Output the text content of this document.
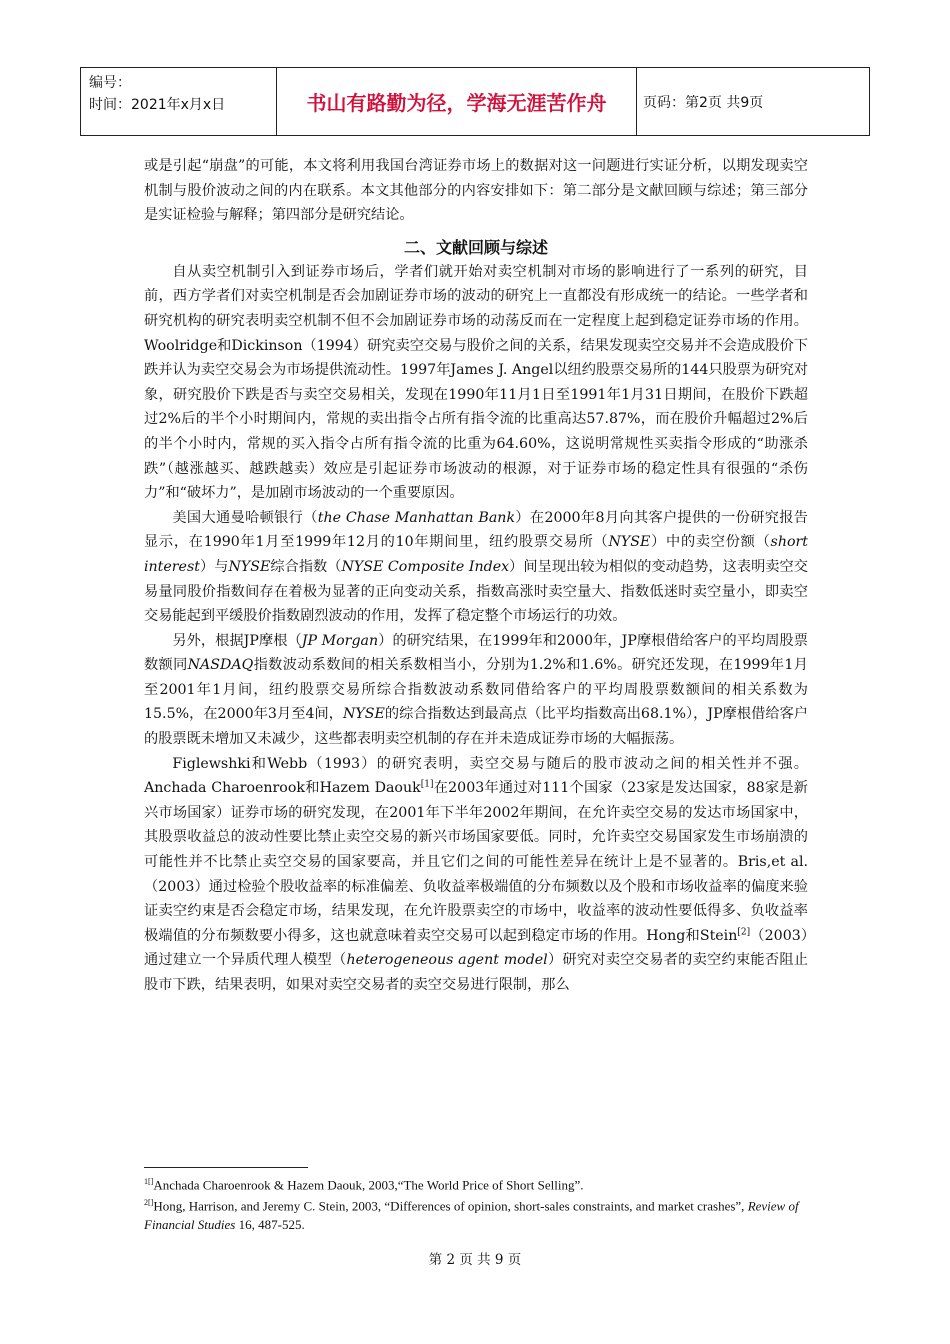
编号：
时间：2021年x月x日	书山有路勤为径，学海无涯苦作舟	页码：第2页 共9页

或是引起“崩盘”的可能，本文将利用我国台湾证券市场上的数据对这一问题进行实证分析，以期发现卖空机制与股价波动之间的内在联系。本文其他部分的内容安排如下：第二部分是文献回顾与综述；第三部分是实证检验与解释；第四部分是研究结论。

二、文献回顾与综述

自从卖空机制引入到证券市场后，学者们就开始对卖空机制对市场的影响进行了一系列的研究，目前，西方学者们对卖空机制是否会加剧证券市场的波动的研究上一直都没有形成统一的结论。一些学者和研究机构的研究表明卖空机制不但不会加剧证券市场的动荡反而在一定程度上起到稳定证券市场的作用。Woolridge和Dickinson（1994）研究卖空交易与股价之间的关系，结果发现卖空交易并不会造成股价下跌并认为卖空交易会为市场提供流动性。1997年James J. Angel以纽约股票交易所的144只股票为研究对象，研究股价下跌是否与卖空交易相关，发现在1990年11月1日至1991年1月31日期间，在股价下跌超过2%后的半个小时期间内，常规的卖出指令占所有指令流的比重高达57.87%，而在股价升幅超过2%后的半个小时内，常规的买入指令占所有指令流的比重为64.60%，这说明常规性买卖指令形成的“助涨杀跌”（越涨越买、越跌越卖）效应是引起证券市场波动的根源，对于证券市场的稳定性具有很强的“杀伤力”和“破坏力”，是加剧市场波动的一个重要原因。

美国大通曼哈顿银行（the Chase Manhattan Bank）在2000年8月向其客户提供的一份研究报告显示，在1990年1月至1999年12月的10年期间里，纽约股票交易所（NYSE）中的卖空份额（short interest）与NYSE综合指数（NYSE Composite Index）间呈现出较为相似的变动趋势，这表明卖空交易量同股价指数间存在着极为显著的正向变动关系，指数高涨时卖空量大、指数低迷时卖空量小，即卖空交易能起到平缓股价指数剧烈波动的作用，发挥了稳定整个市场运行的功效。

另外，根据JP摩根（JP Morgan）的研究结果，在1999年和2000年，JP摩根借给客户的平均周股票数额同NASDAQ指数波动系数间的相关系数相当小，分别为1.2%和1.6%。研究还发现，在1999年1月至2001年1月间，纽约股票交易所综合指数波动系数同借给客户的平均周股票数额间的相关系数为15.5%，在2000年3月至4间，NYSE的综合指数达到最高点（比平均指数高出68.1%），JP摩根借给客户的股票既未增加又未减少，这些都表明卖空机制的存在并未造成证券市场的大幅振荡。

Figlewshki和Webb（1993）的研究表明，卖空交易与随后的股市波动之间的相关性并不强。Anchada Charoenrook和Hazem Daouk[1]在2003年通过对111个国家（23家是发达国家，88家是新兴市场国家）证券市场的研究发现，在2001年下半年2002年期间，在允许卖空交易的发达市场国家中，其股票收益总的波动性要比禁止卖空交易的新兴市场国家要低。同时，允许卖空交易国家发生市场崩溃的可能性并不比禁止卖空交易的国家要高，并且它们之间的可能性差异在统计上是不显著的。Bris,et al.（2003）通过检验个股收益率的标准偏差、负收益率极端值的分布频数以及个股和市场收益率的偏度来验证卖空约束是否会稳定市场，结果发现，在允许股票卖空的市场中，收益率的波动性要低得多、负收益率极端值的分布频数要小得多，这也就意味着卖空交易可以起到稳定市场的作用。Hong和Stein[2]（2003）通过建立一个异质代理人模型（heterogeneous agent model）研究对卖空交易者的卖空约束能否阻止股市下跌，结果表明，如果对卖空交易者的卖空交易进行限制，那么

$^{1[]}$Anchada Charoenrook & Hazem Daouk, 2003,“The World Price of Short Selling”.
$^{2[]}$Hong, Harrison, and Jeremy C. Stein, 2003, “Differences of opinion, short-sales constraints, and market crashes”, Review of Financial Studies 16, 487-525.
第 2 页 共 9 页
